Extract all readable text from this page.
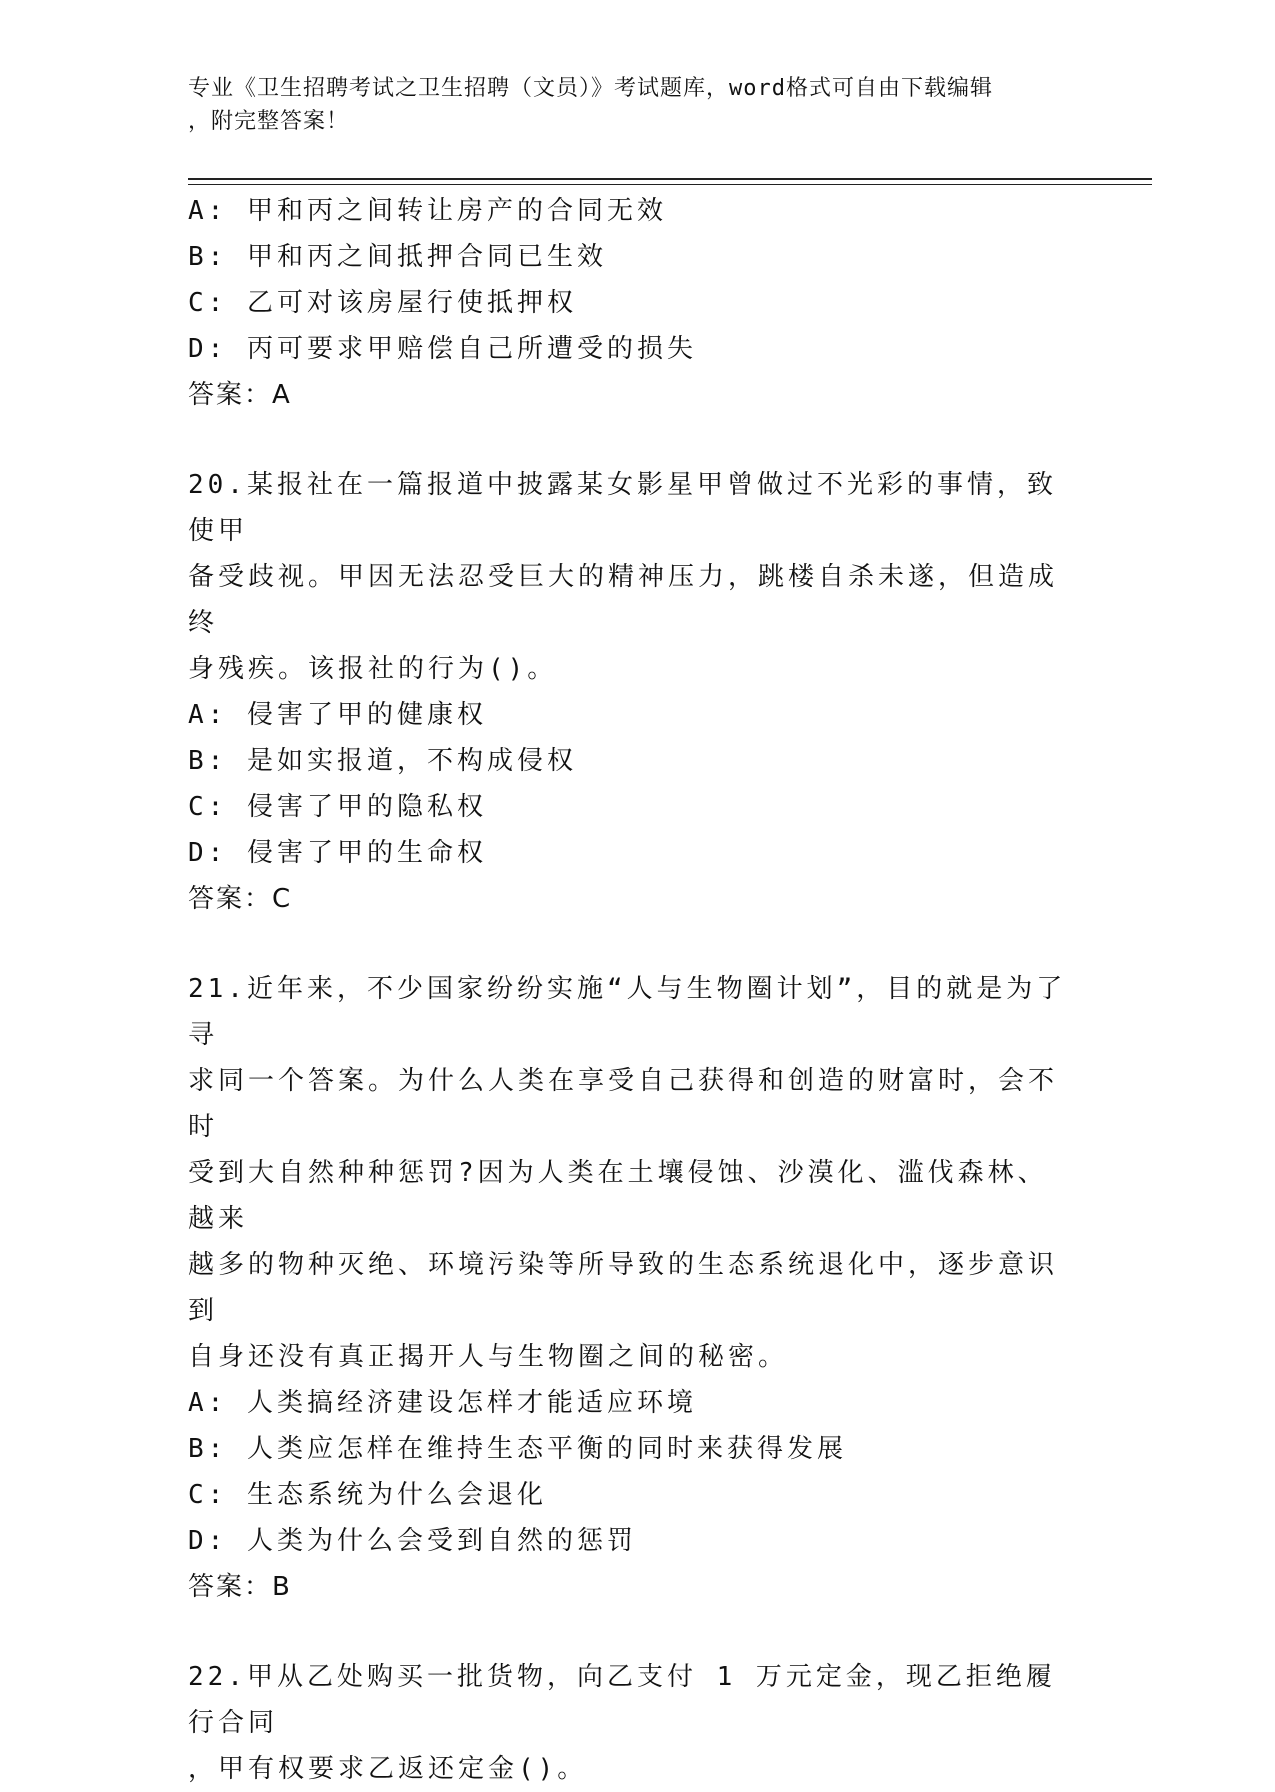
专业《卫生招聘考试之卫生招聘（文员）》考试题库，word格式可自由下载编辑
，附完整答案！
A: 甲和丙之间转让房产的合同无效
B: 甲和丙之间抵押合同已生效
C: 乙可对该房屋行使抵押权
D: 丙可要求甲赔偿自己所遭受的损失
答案：A
20.某报社在一篇报道中披露某女影星甲曾做过不光彩的事情，致使甲
备受歧视。甲因无法忍受巨大的精神压力，跳楼自杀未遂，但造成终
身残疾。该报社的行为()。
A: 侵害了甲的健康权
B: 是如实报道，不构成侵权
C: 侵害了甲的隐私权
D: 侵害了甲的生命权
答案：C
21.近年来，不少国家纷纷实施“人与生物圈计划”，目的就是为了寻
求同一个答案。为什么人类在享受自己获得和创造的财富时，会不时
受到大自然种种惩罚?因为人类在土壤侵蚀、沙漠化、滥伐森林、越来
越多的物种灭绝、环境污染等所导致的生态系统退化中，逐步意识到
自身还没有真正揭开人与生物圈之间的秘密。
A: 人类搞经济建设怎样才能适应环境
B: 人类应怎样在维持生态平衡的同时来获得发展
C: 生态系统为什么会退化
D: 人类为什么会受到自然的惩罚
答案：B
22.甲从乙处购买一批货物，向乙支付 1 万元定金，现乙拒绝履行合同
，甲有权要求乙返还定金()。
